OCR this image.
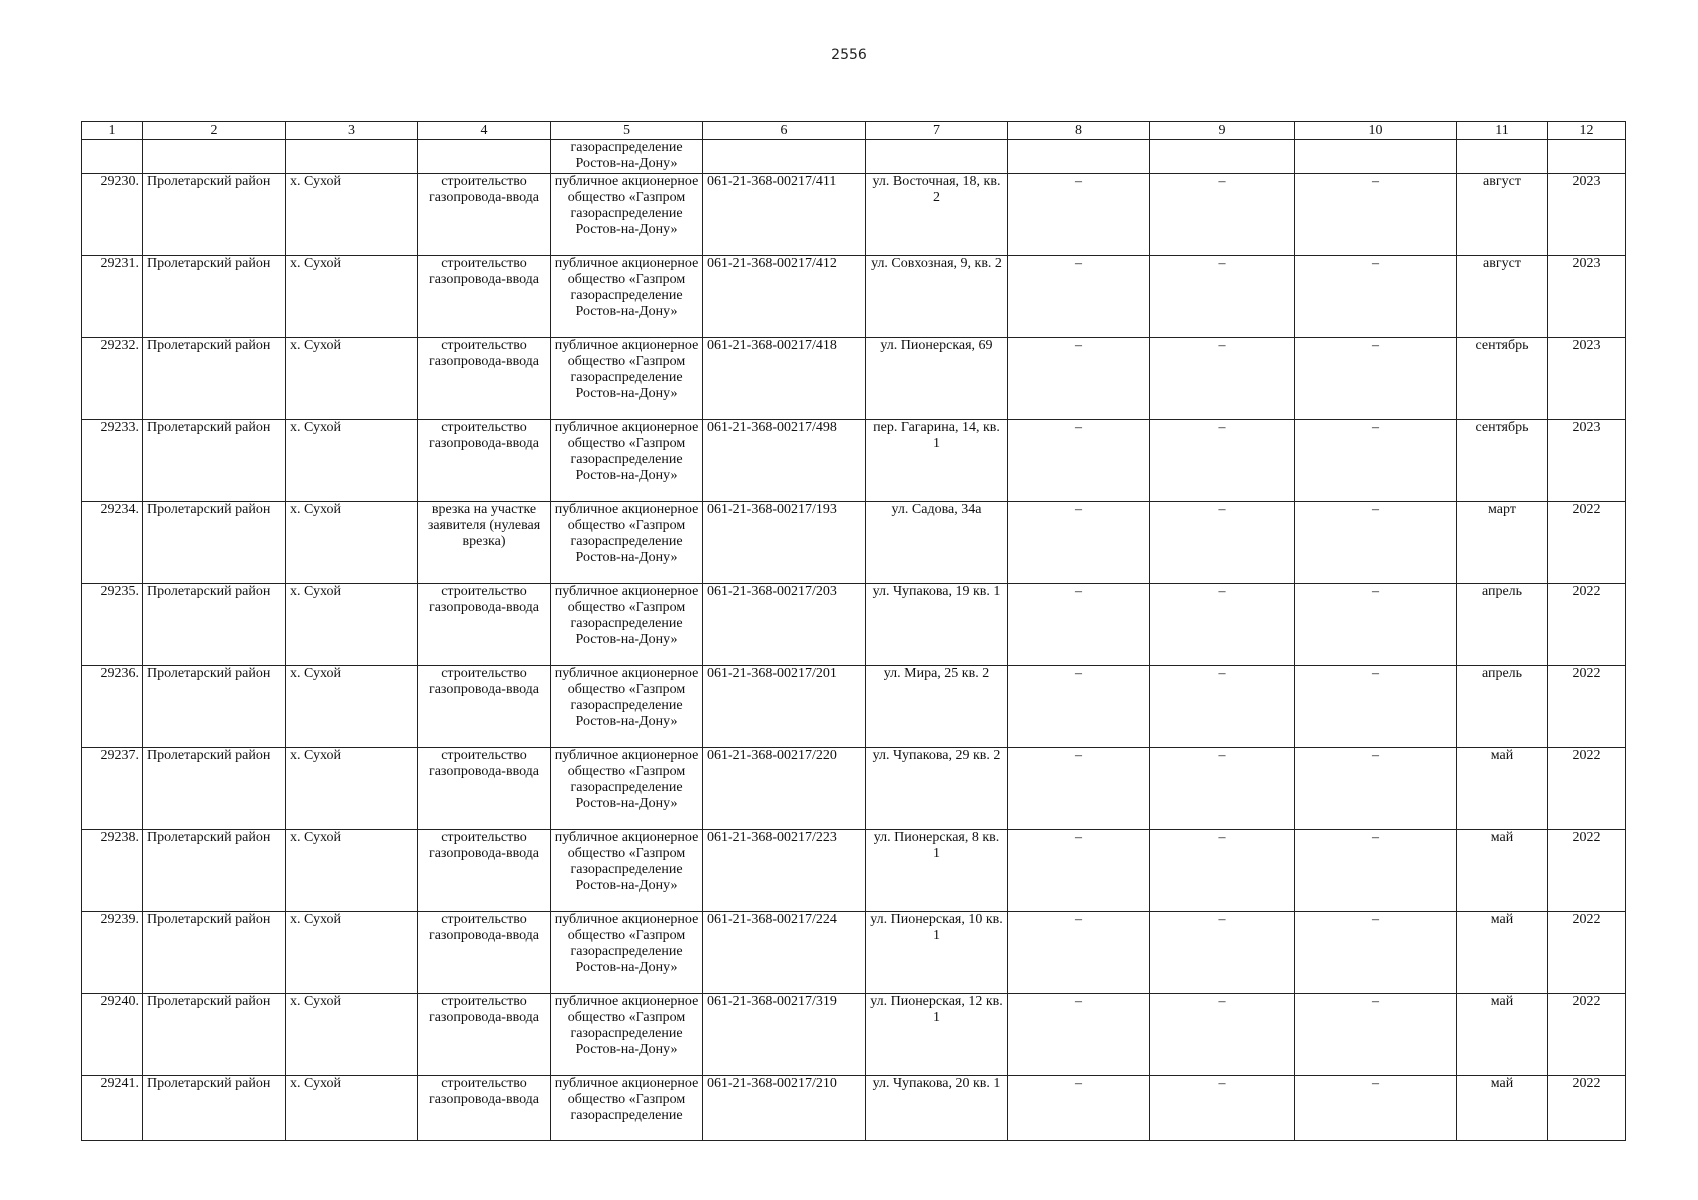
2556
1	2	3	4	5	6	7	8	9	10	11	12
				газораспределение Ростов-на-Дону»							
29230.	Пролетарский район	х. Сухой	строительство газопровода-ввода	публичное акционерное общество «Газпром газораспределение Ростов-на-Дону»	061-21-368-00217/411	ул. Восточная, 18, кв. 2	–	–	–	август	2023
29231.	Пролетарский район	х. Сухой	строительство газопровода-ввода	публичное акционерное общество «Газпром газораспределение Ростов-на-Дону»	061-21-368-00217/412	ул. Совхозная, 9, кв. 2	–	–	–	август	2023
29232.	Пролетарский район	х. Сухой	строительство газопровода-ввода	публичное акционерное общество «Газпром газораспределение Ростов-на-Дону»	061-21-368-00217/418	ул. Пионерская, 69	–	–	–	сентябрь	2023
29233.	Пролетарский район	х. Сухой	строительство газопровода-ввода	публичное акционерное общество «Газпром газораспределение Ростов-на-Дону»	061-21-368-00217/498	пер. Гагарина, 14, кв. 1	–	–	–	сентябрь	2023
29234.	Пролетарский район	х. Сухой	врезка на участке заявителя (нулевая врезка)	публичное акционерное общество «Газпром газораспределение Ростов-на-Дону»	061-21-368-00217/193	ул. Садова, 34а	–	–	–	март	2022
29235.	Пролетарский район	х. Сухой	строительство газопровода-ввода	публичное акционерное общество «Газпром газораспределение Ростов-на-Дону»	061-21-368-00217/203	ул. Чупакова, 19 кв. 1	–	–	–	апрель	2022
29236.	Пролетарский район	х. Сухой	строительство газопровода-ввода	публичное акционерное общество «Газпром газораспределение Ростов-на-Дону»	061-21-368-00217/201	ул. Мира, 25 кв. 2	–	–	–	апрель	2022
29237.	Пролетарский район	х. Сухой	строительство газопровода-ввода	публичное акционерное общество «Газпром газораспределение Ростов-на-Дону»	061-21-368-00217/220	ул. Чупакова, 29 кв. 2	–	–	–	май	2022
29238.	Пролетарский район	х. Сухой	строительство газопровода-ввода	публичное акционерное общество «Газпром газораспределение Ростов-на-Дону»	061-21-368-00217/223	ул. Пионерская, 8 кв. 1	–	–	–	май	2022
29239.	Пролетарский район	х. Сухой	строительство газопровода-ввода	публичное акционерное общество «Газпром газораспределение Ростов-на-Дону»	061-21-368-00217/224	ул. Пионерская, 10 кв. 1	–	–	–	май	2022
29240.	Пролетарский район	х. Сухой	строительство газопровода-ввода	публичное акционерное общество «Газпром газораспределение Ростов-на-Дону»	061-21-368-00217/319	ул. Пионерская, 12 кв. 1	–	–	–	май	2022
29241.	Пролетарский район	х. Сухой	строительство газопровода-ввода	публичное акционерное общество «Газпром газораспределение	061-21-368-00217/210	ул. Чупакова, 20 кв. 1	–	–	–	май	2022
